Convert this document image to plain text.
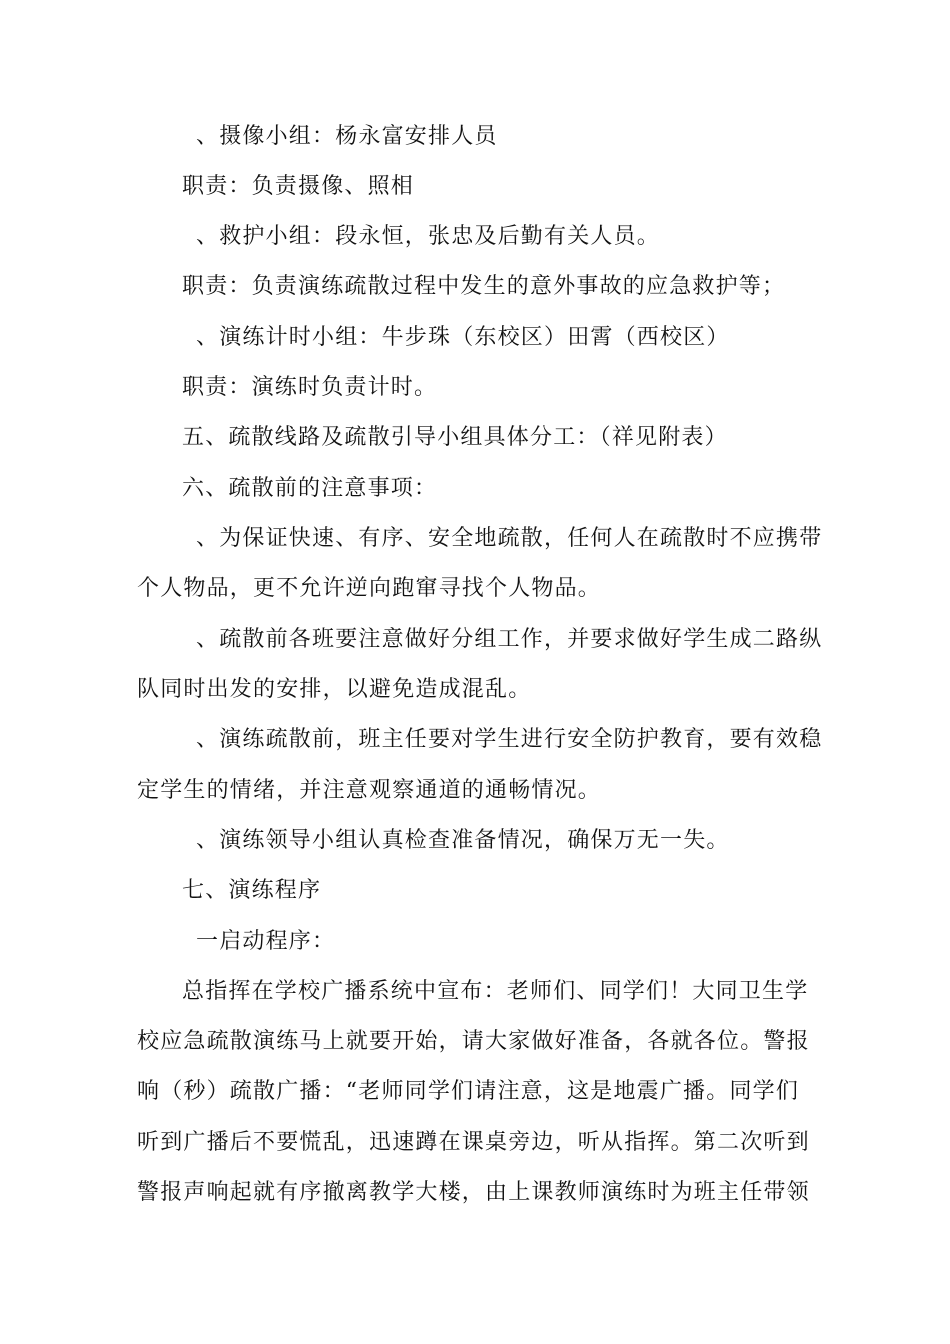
、摄像小组：杨永富安排人员
职责：负责摄像、照相
、救护小组：段永恒，张忠及后勤有关人员。
职责：负责演练疏散过程中发生的意外事故的应急救护等；
、演练计时小组：牛步珠（东校区）田霄（西校区）
职责：演练时负责计时。
五、疏散线路及疏散引导小组具体分工：（祥见附表）
六、疏散前的注意事项：
、为保证快速、有序、安全地疏散，任何人在疏散时不应携带
个人物品，更不允许逆向跑窜寻找个人物品。
、疏散前各班要注意做好分组工作，并要求做好学生成二路纵
队同时出发的安排，以避免造成混乱。
、演练疏散前，班主任要对学生进行安全防护教育，要有效稳
定学生的情绪，并注意观察通道的通畅情况。
、演练领导小组认真检查准备情况，确保万无一失。
七、演练程序
一启动程序：
总指挥在学校广播系统中宣布：老师们、同学们！大同卫生学
校应急疏散演练马上就要开始，请大家做好准备，各就各位。警报
响（秒）疏散广播：“老师同学们请注意，这是地震广播。同学们
听到广播后不要慌乱，迅速蹲在课桌旁边，听从指挥。第二次听到
警报声响起就有序撤离教学大楼，由上课教师演练时为班主任带领
